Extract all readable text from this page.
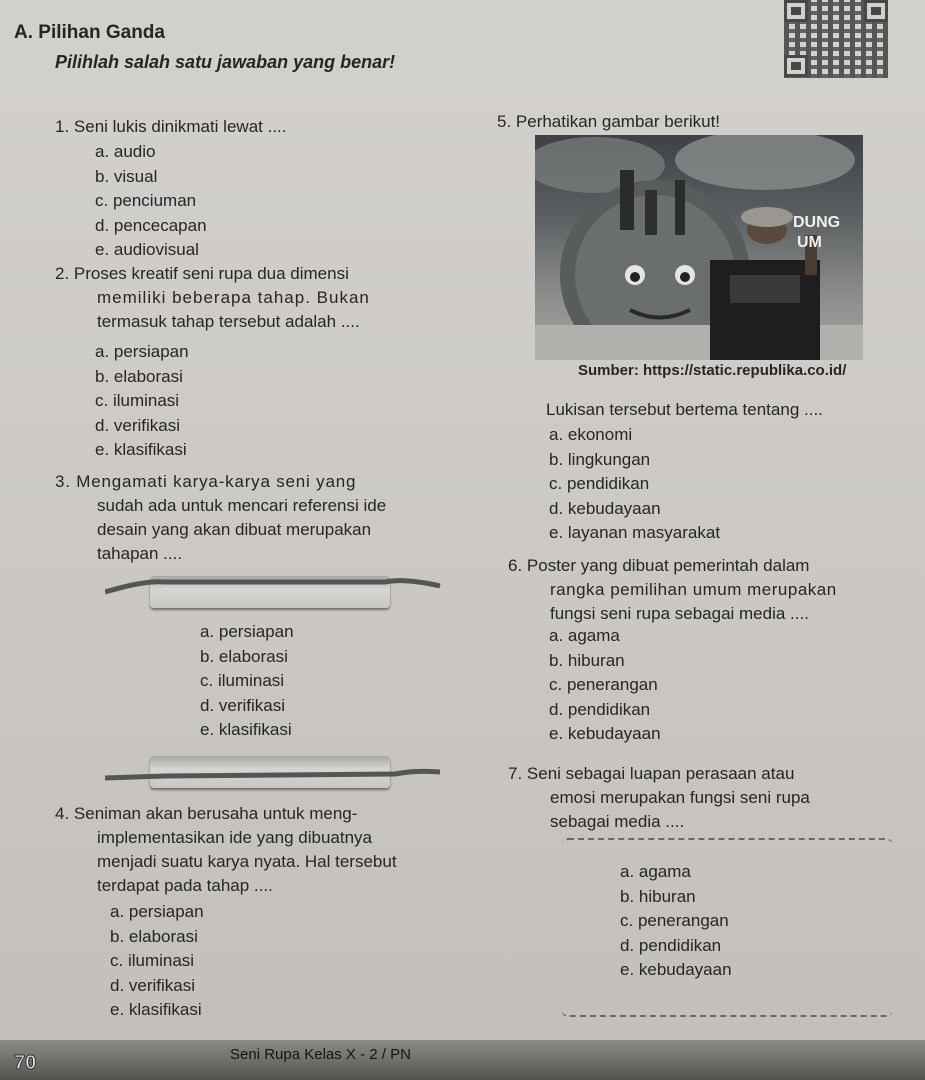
A. Pilihan Ganda
Pilihlah salah satu jawaban yang benar!
1. Seni lukis dinikmati lewat ....
a. audio
b. visual
c. penciuman
d. pencecapan
e. audiovisual
2. Proses kreatif seni rupa dua dimensi
memiliki beberapa tahap. Bukan
termasuk tahap tersebut adalah ....
a. persiapan
b. elaborasi
c. iluminasi
d. verifikasi
e. klasifikasi
3. Mengamati karya-karya seni yang
sudah ada untuk mencari referensi ide
desain yang akan dibuat merupakan
tahapan ....
a. persiapan
b. elaborasi
c. iluminasi
d. verifikasi
e. klasifikasi
4. Seniman akan berusaha untuk meng-
implementasikan ide yang dibuatnya
menjadi suatu karya nyata. Hal tersebut
terdapat pada tahap ....
a. persiapan
b. elaborasi
c. iluminasi
d. verifikasi
e. klasifikasi
5. Perhatikan gambar berikut!
DUNG
UM
Sumber: https://static.republika.co.id/
Lukisan tersebut bertema tentang ....
a. ekonomi
b. lingkungan
c. pendidikan
d. kebudayaan
e. layanan masyarakat
6. Poster yang dibuat pemerintah dalam
rangka pemilihan umum merupakan
fungsi seni rupa sebagai media ....
a. agama
b. hiburan
c. penerangan
d. pendidikan
e. kebudayaan
7. Seni sebagai luapan perasaan atau
emosi merupakan fungsi seni rupa
sebagai media ....
a. agama
b. hiburan
c. penerangan
d. pendidikan
e. kebudayaan
Seni Rupa Kelas X - 2 / PN
70
